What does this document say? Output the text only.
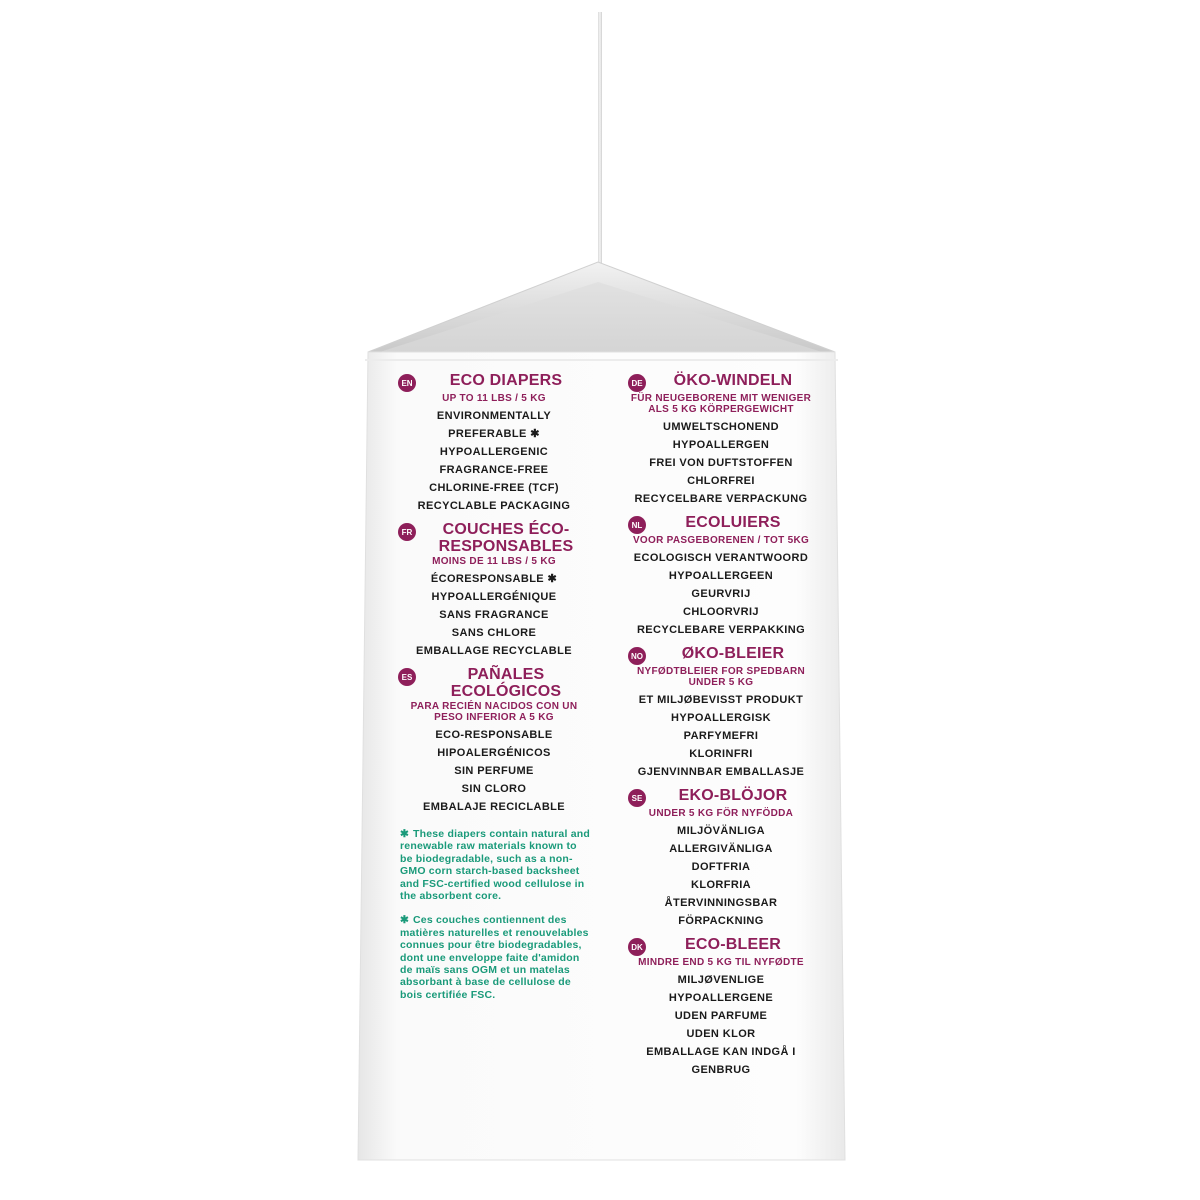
EN	ECO DIAPERS
UP TO 11 LBS / 5 KG
ENVIRONMENTALLY PREFERABLE ✱
HYPOALLERGENIC
FRAGRANCE-FREE
CHLORINE-FREE (TCF)
RECYCLABLE PACKAGING
FR	COUCHES ÉCO-RESPONSABLES
MOINS DE 11 LBS / 5 KG
ÉCORESPONSABLE ✱
HYPOALLERGÉNIQUE
SANS FRAGRANCE
SANS CHLORE
EMBALLAGE RECYCLABLE
ES	PAÑALES ECOLÓGICOS
PARA RECIÉN NACIDOS CON UN PESO INFERIOR A 5 KG
ECO-RESPONSABLE
HIPOALERGÉNICOS
SIN PERFUME
SIN CLORO
EMBALAJE RECICLABLE
✱ These diapers contain natural and renewable raw materials known to be biodegradable, such as a non-GMO corn starch-based backsheet and FSC-certified wood cellulose in the absorbent core.
✱ Ces couches contiennent des matières naturelles et renouvelables connues pour être biodegradables, dont une enveloppe faite d'amidon de maïs sans OGM et un matelas absorbant à base de cellulose de bois certifiée FSC.
DE	ÖKO-WINDELN
FÜR NEUGEBORENE MIT WENIGER ALS 5 KG KÖRPERGEWICHT
UMWELTSCHONEND
HYPOALLERGEN
FREI VON DUFTSTOFFEN
CHLORFREI
RECYCELBARE VERPACKUNG
NL	ECOLUIERS
VOOR PASGEBORENEN / TOT 5KG
ECOLOGISCH VERANTWOORD
HYPOALLERGEEN
GEURVRIJ
CHLOORVRIJ
RECYCLEBARE VERPAKKING
NO	ØKO-BLEIER
NYFØDTBLEIER FOR SPEDBARN UNDER 5 KG
ET MILJØBEVISST PRODUKT
HYPOALLERGISK
PARFYMEFRI
KLORINFRI
GJENVINNBAR EMBALLASJE
SE	EKO-BLÖJOR
UNDER 5 KG FÖR NYFÖDDA
MILJÖVÄNLIGA
ALLERGIVÄNLIGA
DOFTFRIA
KLORFRIA
ÅTERVINNINGSBAR FÖRPACKNING
DK	ECO-BLEER
MINDRE END 5 KG TIL NYFØDTE
MILJØVENLIGE
HYPOALLERGENE
UDEN PARFUME
UDEN KLOR
EMBALLAGE KAN INDGÅ I GENBRUG
